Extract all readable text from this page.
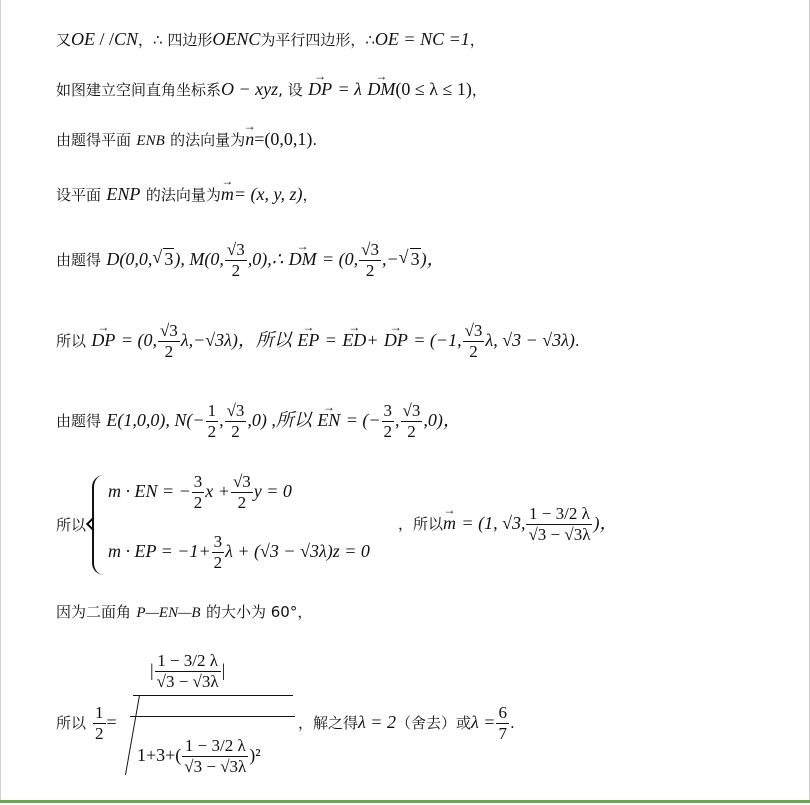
又OE / /CN，∴ 四边形OENC为平行四边形，∴OE = NC =1，
如图建立空间直角坐标系O − xyz, 设 → DP = λ → DM(0 ≤ λ ≤ 1)，
由题得平面 ENB 的法向量为→ n=(0,0,1).
设平面 ENP 的法向量为→ m= (x, y, z)，
由题得 D(0,0, √ 3), M(0, $\frac{√3}{2}$ ,0),∴ → DM = (0, $\frac{√3}{2}$ ,− √ 3)，
所以 → DP = (0, $\frac{√3}{2} \lambda,-√3\lambda$)，所以 → EP = → ED+ → DP = (−1, $\frac{√3}{2} \lambda$, √3 − √3λ).
由题得 E(1,0,0), $N(- \frac{1}{2}$ , $\frac{√3}{2} ,0$) ,所以 → EN = (− $\frac{3}{2}$ , $\frac{√3}{2} ,0$)，
所以
m · EN = − $\frac{3}{2}$ $x + \frac{√3}{2}$ y = 0
m · EP = $-1+ \frac{3}{2}$ λ + (√3 − √3λ)z = 0
，所以→ m = (1, √3, $\frac{1 - 3/2 \lambda}{√3 - √3\lambda}$ )，
因为二面角 P—EN—B 的大小为 60°，
所以 $\frac{1}{2}$ =
| $\frac{1 - 3/2 \lambda}{√3 - √3\lambda}$ |
$1+3+( \frac{1 - 3/2 \lambda}{√3 - √3\lambda} )^2$
，解之得λ = 2（舍去）或$\lambda = \frac{6}{7}$ .
